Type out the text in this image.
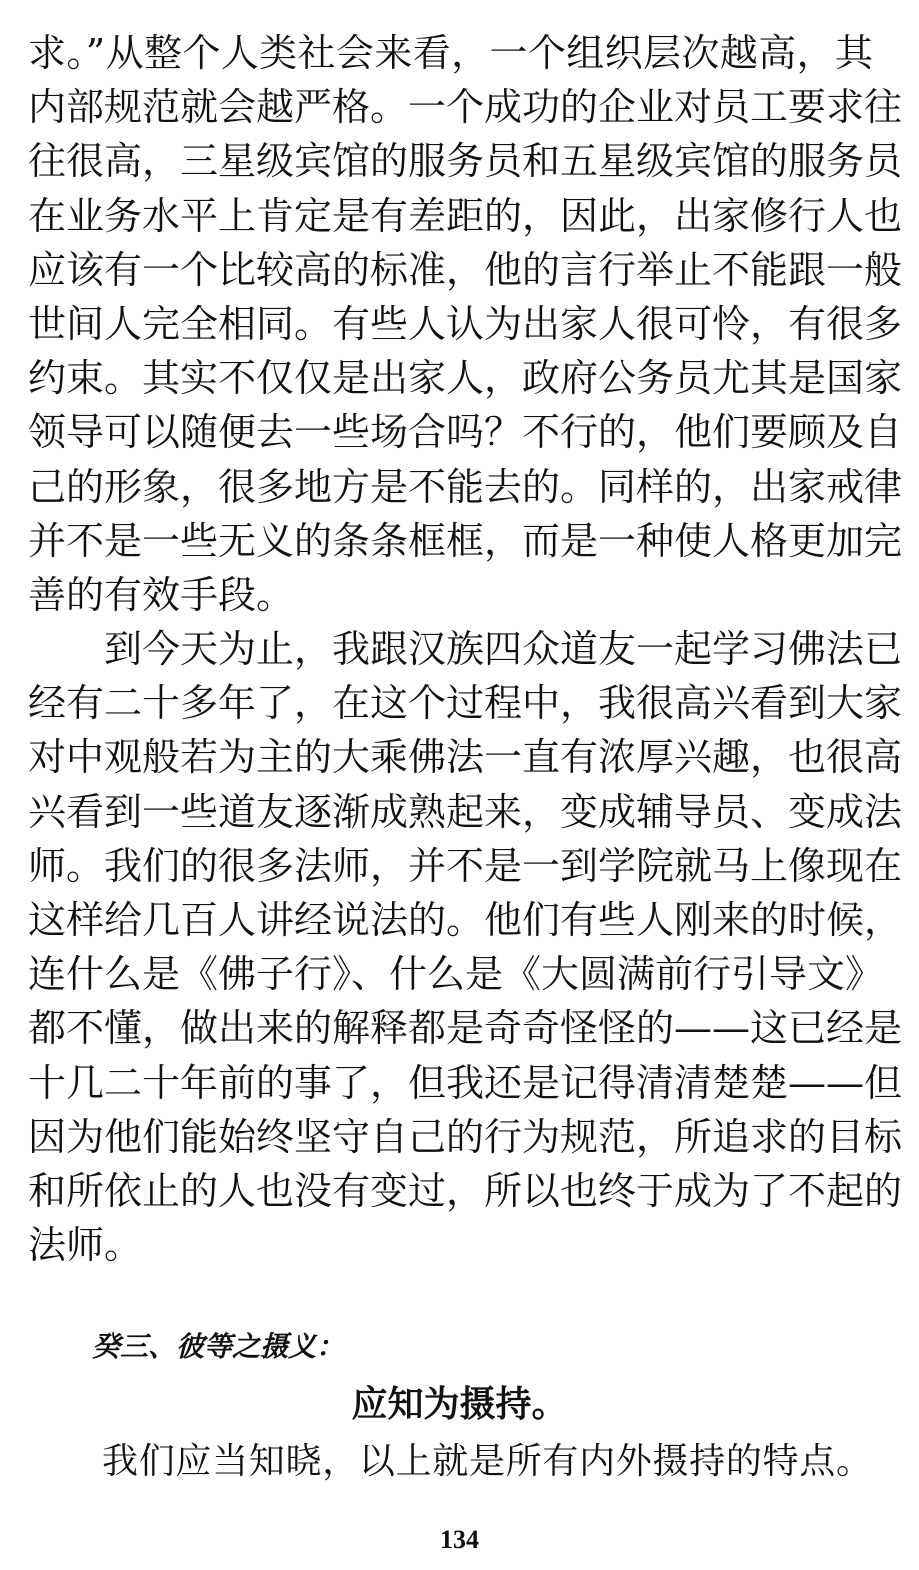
求。”从整个人类社会来看，一个组织层次越高，其
内部规范就会越严格。一个成功的企业对员工要求往
往很高，三星级宾馆的服务员和五星级宾馆的服务员
在业务水平上肯定是有差距的，因此，出家修行人也
应该有一个比较高的标准，他的言行举止不能跟一般
世间人完全相同。有些人认为出家人很可怜，有很多
约束。其实不仅仅是出家人，政府公务员尤其是国家
领导可以随便去一些场合吗？不行的，他们要顾及自
己的形象，很多地方是不能去的。同样的，出家戒律
并不是一些无义的条条框框，而是一种使人格更加完
善的有效手段。
到今天为止，我跟汉族四众道友一起学习佛法已
经有二十多年了，在这个过程中，我很高兴看到大家
对中观般若为主的大乘佛法一直有浓厚兴趣，也很高
兴看到一些道友逐渐成熟起来，变成辅导员、变成法
师。我们的很多法师，并不是一到学院就马上像现在
这样给几百人讲经说法的。他们有些人刚来的时候，
连什么是《佛子行》、什么是《大圆满前行引导文》
都不懂，做出来的解释都是奇奇怪怪的——这已经是
十几二十年前的事了，但我还是记得清清楚楚——但
因为他们能始终坚守自己的行为规范，所追求的目标
和所依止的人也没有变过，所以也终于成为了不起的
法师。
癸三、彼等之摄义：
应知为摄持。
我们应当知晓，以上就是所有内外摄持的特点。
134
